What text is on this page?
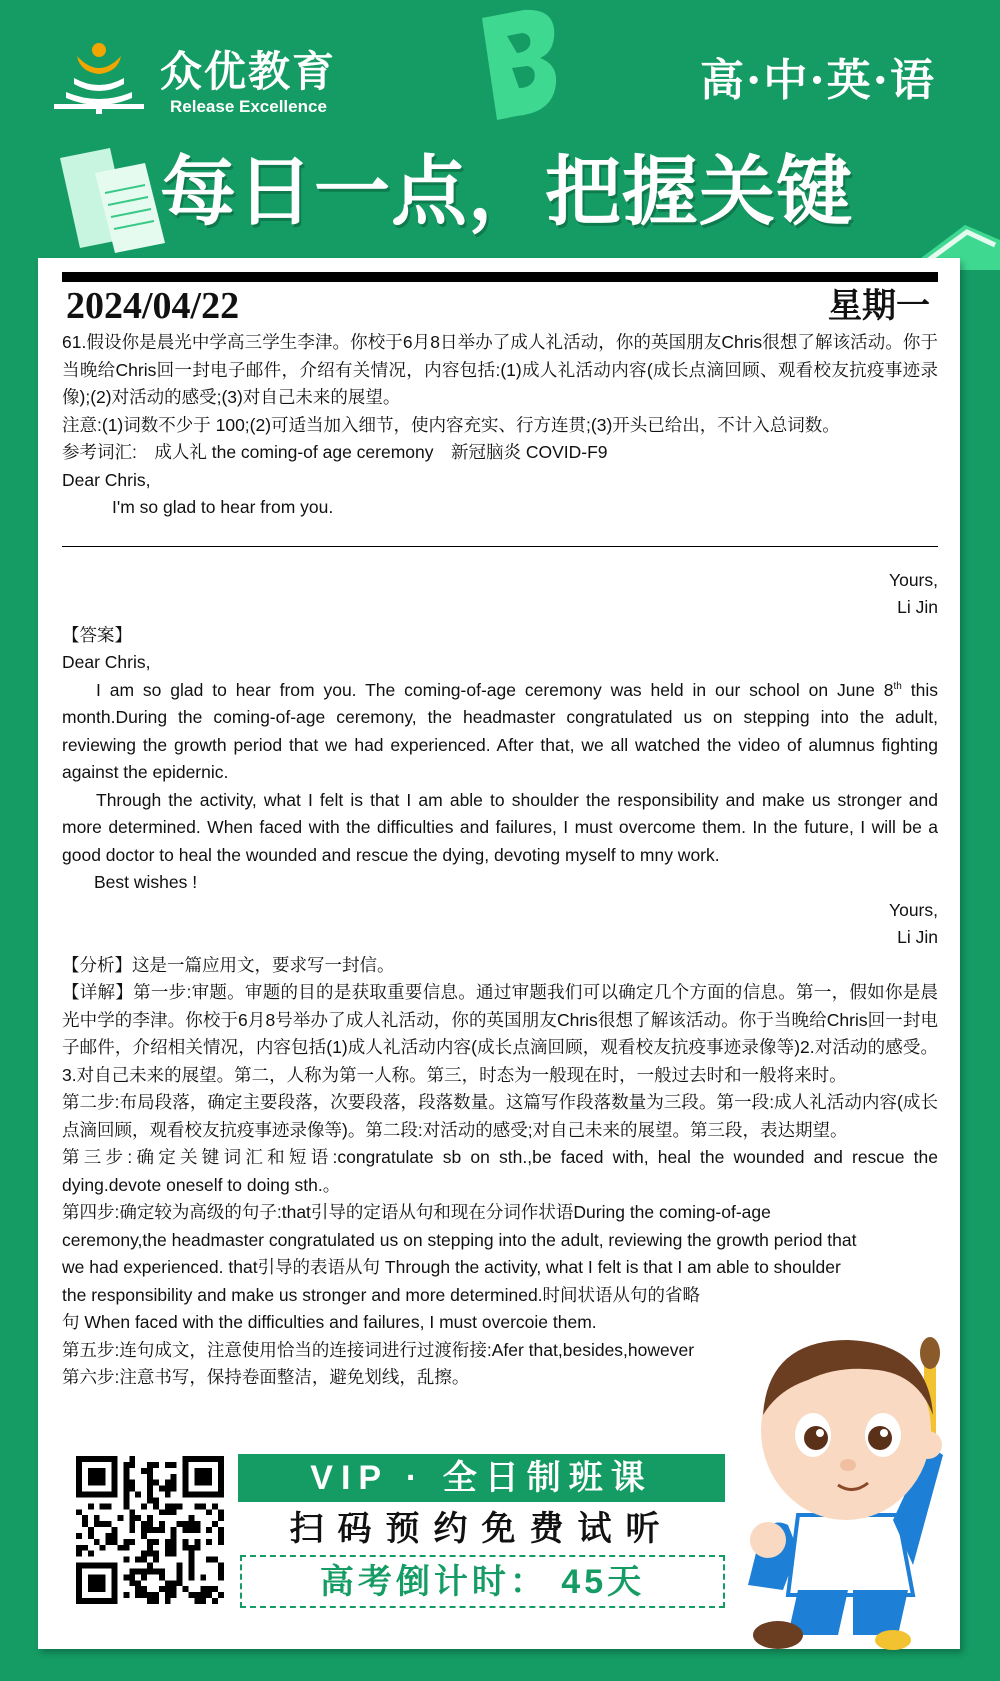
众优教育
Release Excellence
高·中·英·语
每日一点，把握关键
2024/04/22	星期一

61.假设你是晨光中学高三学生李津。你校于6月8日举办了成人礼活动，你的英国朋友Chris很想了解该活动。你于当晚给Chris回一封电子邮件，介绍有关情况，内容包括:(1)成人礼活动内容(成长点滴回顾、观看校友抗疫事迹录像);(2)对活动的感受;(3)对自己未来的展望。

注意:(1)词数不少于 100;(2)可适当加入细节，使内容充实、行方连贯;(3)开头已给出，不计入总词数。

参考词汇:　成人礼 the coming-of age ceremony　新冠脑炎 COVID-F9

Dear Chris,

I'm so glad to hear from you.

Yours,

Li Jin

【答案】

Dear Chris,

I am so glad to hear from you. The coming-of-age ceremony was held in our school on June 8th this month.During the coming-of-age ceremony, the headmaster congratulated us on stepping into the adult, reviewing the growth period that we had experienced. After that, we all watched the video of alumnus fighting against the epidernic.

Through the activity, what I felt is that I am able to shoulder the responsibility and make us stronger and more determined. When faced with the difficulties and failures, I must overcome them. In the future, I will be a good doctor to heal the wounded and rescue the dying, devoting myself to mny work.

Best wishes !

Yours,

Li Jin

【分析】这是一篇应用文，要求写一封信。

【详解】第一步:审题。审题的目的是获取重要信息。通过审题我们可以确定几个方面的信息。第一，假如你是晨光中学的李津。你校于6月8号举办了成人礼活动，你的英国朋友Chris很想了解该活动。你于当晚给Chris回一封电子邮件，介绍相关情况，内容包括(1)成人礼活动内容(成长点滴回顾，观看校友抗疫事迹录像等)2.对活动的感受。3.对自己未来的展望。第二，人称为第一人称。第三，时态为一般现在时，一般过去时和一般将来时。

第二步:布局段落，确定主要段落，次要段落，段落数量。这篇写作段落数量为三段。第一段:成人礼活动内容(成长点滴回顾，观看校友抗疫事迹录像等)。第二段:对活动的感受;对自己未来的展望。第三段，表达期望。

第三步:确定关键词汇和短语:congratulate sb on sth.,be faced with, heal the wounded and rescue the dying.devote oneself to doing sth.。

第四步:确定较为高级的句子:that引导的定语从句和现在分词作状语During the coming-of-age

ceremony,the headmaster congratulated us on stepping into the adult, reviewing the growth period that

we had experienced. that引导的表语从句 Through the activity, what I felt is that I am able to shoulder

the responsibility and make us stronger and more determined.时间状语从句的省略

句 When faced with the difficulties and failures, I must overcoie them.

第五步:连句成文，注意使用恰当的连接词进行过渡衔接:Afer that,besides,however

第六步:注意书写，保持卷面整洁，避免划线，乱擦。

VIP · 全日制班课
扫码预约免费试听
高考倒计时： 45天
